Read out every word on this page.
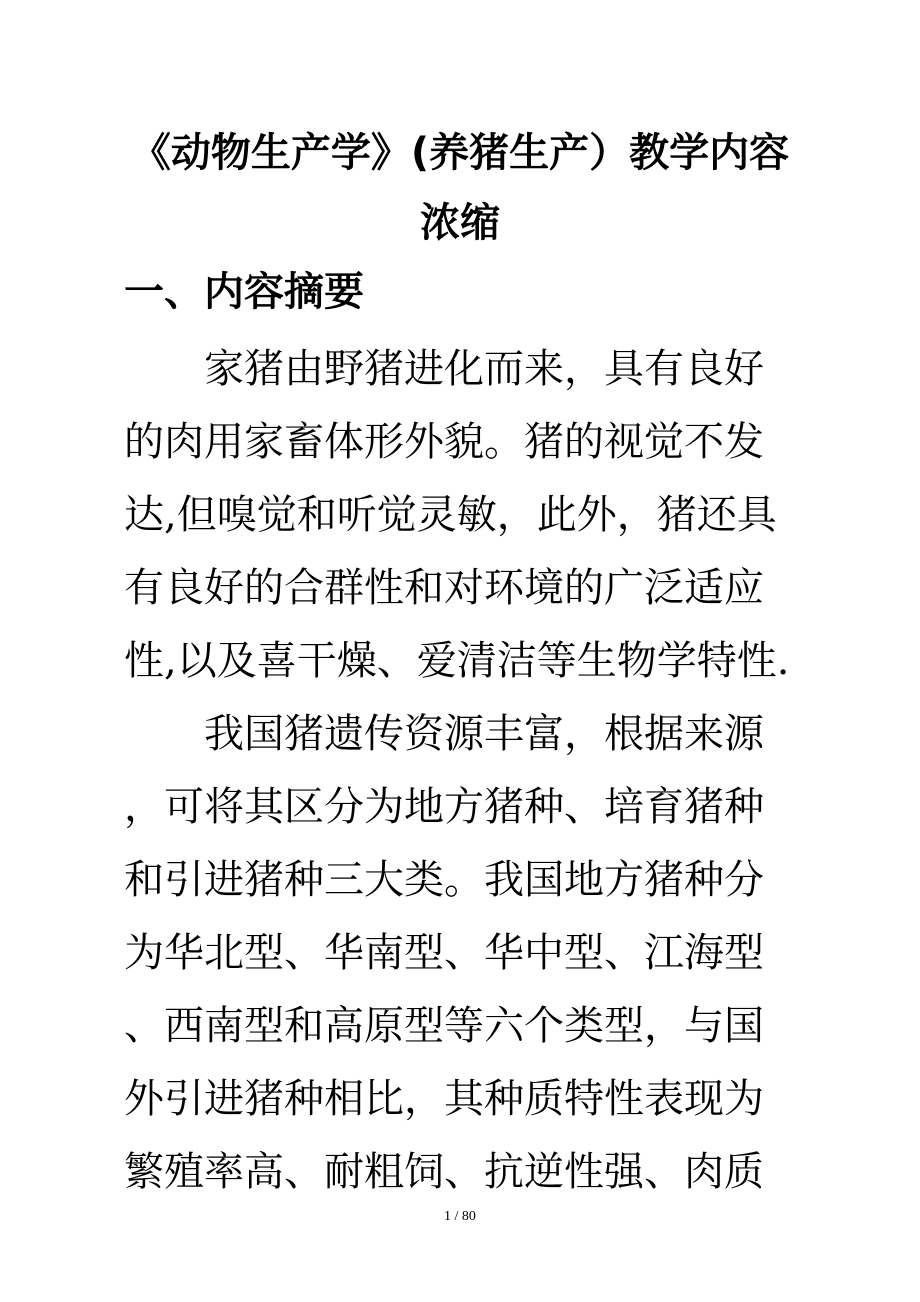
《动物生产学》(养猪生产）教学内容
浓缩
一、内容摘要
家猪由野猪进化而来，具有良好
的肉用家畜体形外貌。猪的视觉不发
达,但嗅觉和听觉灵敏，此外，猪还具
有良好的合群性和对环境的广泛适应
性,以及喜干燥、爱清洁等生物学特性.
我国猪遗传资源丰富，根据来源
，可将其区分为地方猪种、培育猪种
和引进猪种三大类。我国地方猪种分
为华北型、华南型、华中型、江海型
、西南型和高原型等六个类型，与国
外引进猪种相比，其种质特性表现为
繁殖率高、耐粗饲、抗逆性强、肉质
1 / 80
